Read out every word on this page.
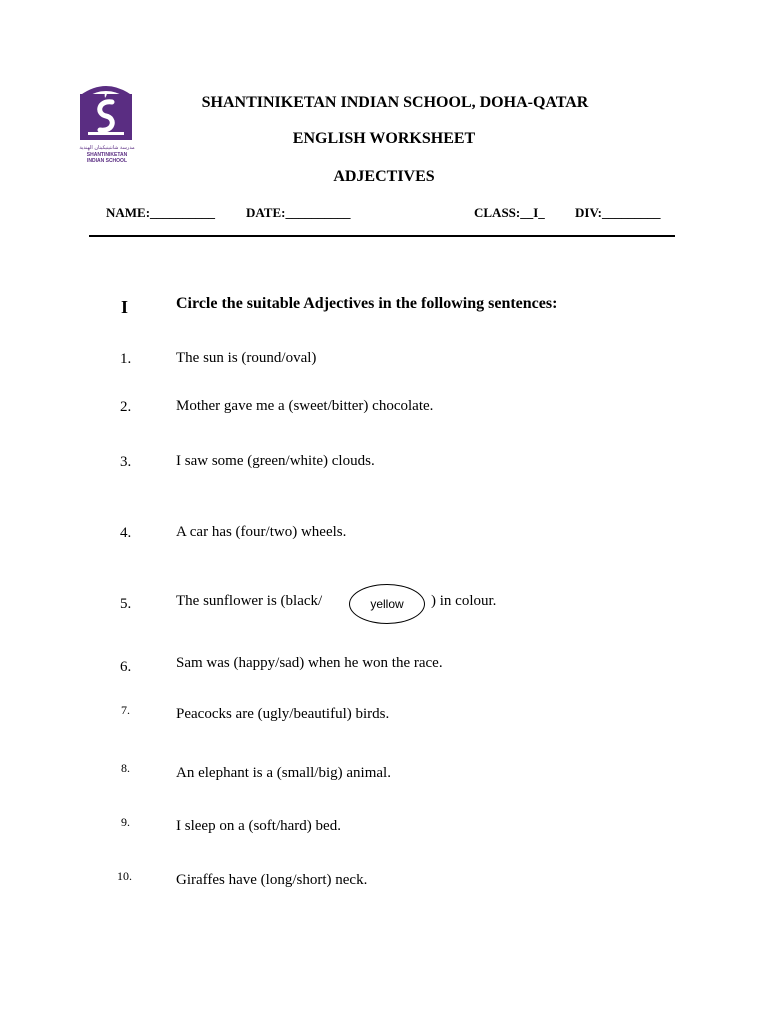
مدرسة شانتينيكيتان الهندية
SHANTINIKETAN
INDIAN SCHOOL
SHANTINIKETAN INDIAN SCHOOL, DOHA-QATAR
ENGLISH WORKSHEET
ADJECTIVES
NAME:__________ DATE:__________	CLASS:__I_ DIV:_________
I	Circle the suitable Adjectives in the following sentences:
1.	The sun is (round/oval)
2.	Mother gave me a (sweet/bitter) chocolate.
3.	I saw some (green/white) clouds.
4.	A car has (four/two) wheels.
5.	The sunflower is (black/	yellow ) in colour.
6.	Sam was (happy/sad) when he won the race.
7.	Peacocks are (ugly/beautiful) birds.
8.	An elephant is a (small/big) animal.
9.	I sleep on a (soft/hard) bed.
10.	Giraffes have (long/short) neck.
